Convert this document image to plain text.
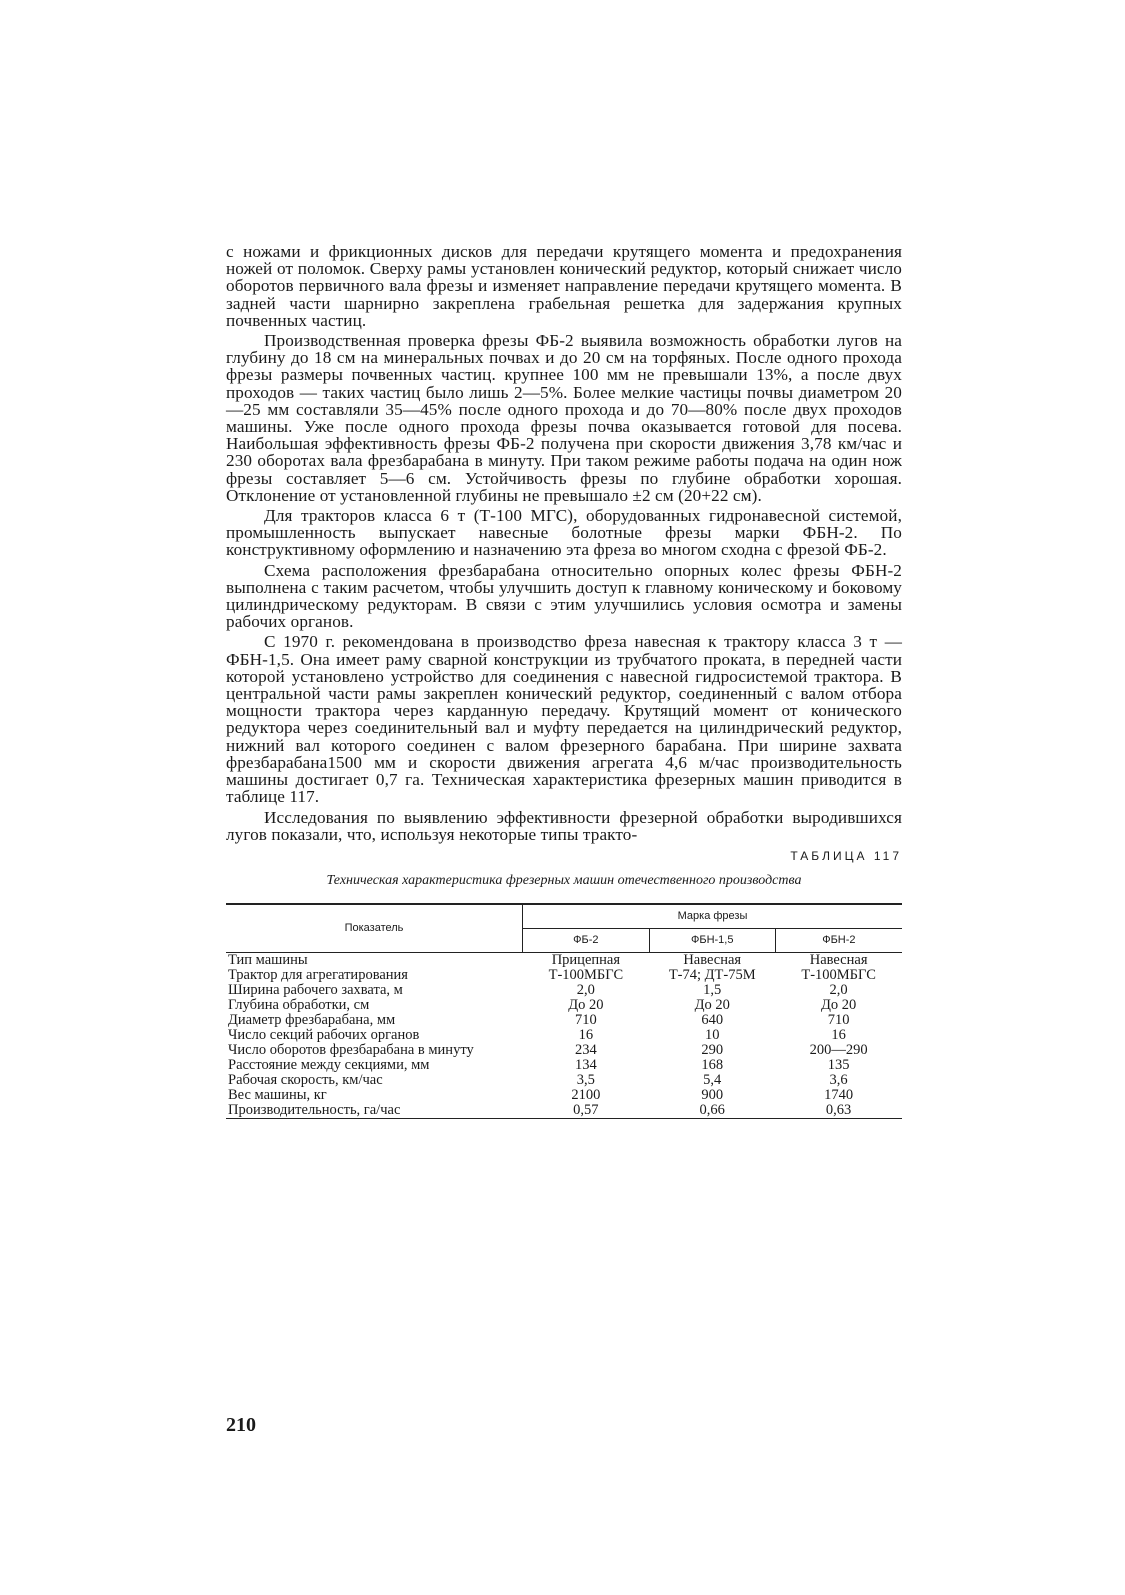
с ножами и фрикционных дисков для передачи крутящего момента и предохранения ножей от поломок. Сверху рамы установлен конический редуктор, который снижает число оборотов первичного вала фрезы и изменяет направление передачи крутящего момента. В задней части шарнирно закреплена грабельная решетка для задержания крупных почвенных частиц.

Производственная проверка фрезы ФБ-2 выявила возможность обработки лугов на глубину до 18 см на минеральных почвах и до 20 см на торфяных. После одного прохода фрезы размеры почвенных частиц. крупнее 100 мм не превышали 13%, а после двух проходов — таких частиц было лишь 2—5%. Более мелкие частицы почвы диаметром 20—25 мм составляли 35—45% после одного прохода и до 70—80% после двух проходов машины. Уже после одного прохода фрезы почва оказывается готовой для посева. Наибольшая эффективность фрезы ФБ-2 получена при скорости движения 3,78 км/час и 230 оборотах вала фрезбарабана в минуту. При таком режиме работы подача на один нож фрезы составляет 5—6 см. Устойчивость фрезы по глубине обработки хорошая. Отклонение от установленной глубины не превышало ±2 см (20+22 см).

Для тракторов класса 6 т (Т-100 МГС), оборудованных гидронавесной системой, промышленность выпускает навесные болотные фрезы марки ФБН-2. По конструктивному оформлению и назначению эта фреза во многом сходна с фрезой ФБ-2.

Схема расположения фрезбарабана относительно опорных колес фрезы ФБН-2 выполнена с таким расчетом, чтобы улучшить доступ к главному коническому и боковому цилиндрическому редукторам. В связи с этим улучшились условия осмотра и замены рабочих органов.

С 1970 г. рекомендована в производство фреза навесная к трактору класса 3 т — ФБН-1,5. Она имеет раму сварной конструкции из трубчатого проката, в передней части которой установлено устройство для соединения с навесной гидросистемой трактора. В центральной части рамы закреплен конический редуктор, соединенный с валом отбора мощности трактора через карданную передачу. Крутящий момент от конического редуктора через соединительный вал и муфту передается на цилиндрический редуктор, нижний вал которого соединен с валом фрезерного барабана. При ширине захвата фрезбарабана1500 мм и скорости движения агрегата 4,6 м/час производительность машины достигает 0,7 га. Техническая характеристика фрезерных машин приводится в таблице 117.

Исследования по выявлению эффективности фрезерной обработки выродившихся лугов показали, что, используя некоторые типы тракто-

ТАБЛИЦА 117
Техническая характеристика фрезерных машин отечественного производства
Показатель	Марка фрезы		
	ФБ-2	ФБН-1,5	ФБН-2
Тип машины	Прицепная	Навесная	Навесная
Трактор для агрегатирования	Т-100МБГС	Т-74; ДТ-75М	Т-100МБГС
Ширина рабочего захвата, м	2,0	1,5	2,0
Глубина обработки, см	До 20	До 20	До 20
Диаметр фрезбарабана, мм	710	640	710
Число секций рабочих органов	16	10	16
Число оборотов фрезбарабана в минуту	234	290	200—290
Расстояние между секциями, мм	134	168	135
Рабочая скорость, км/час	3,5	5,4	3,6
Вес машины, кг	2100	900	1740
Производительность, га/час	0,57	0,66	0,63
210
